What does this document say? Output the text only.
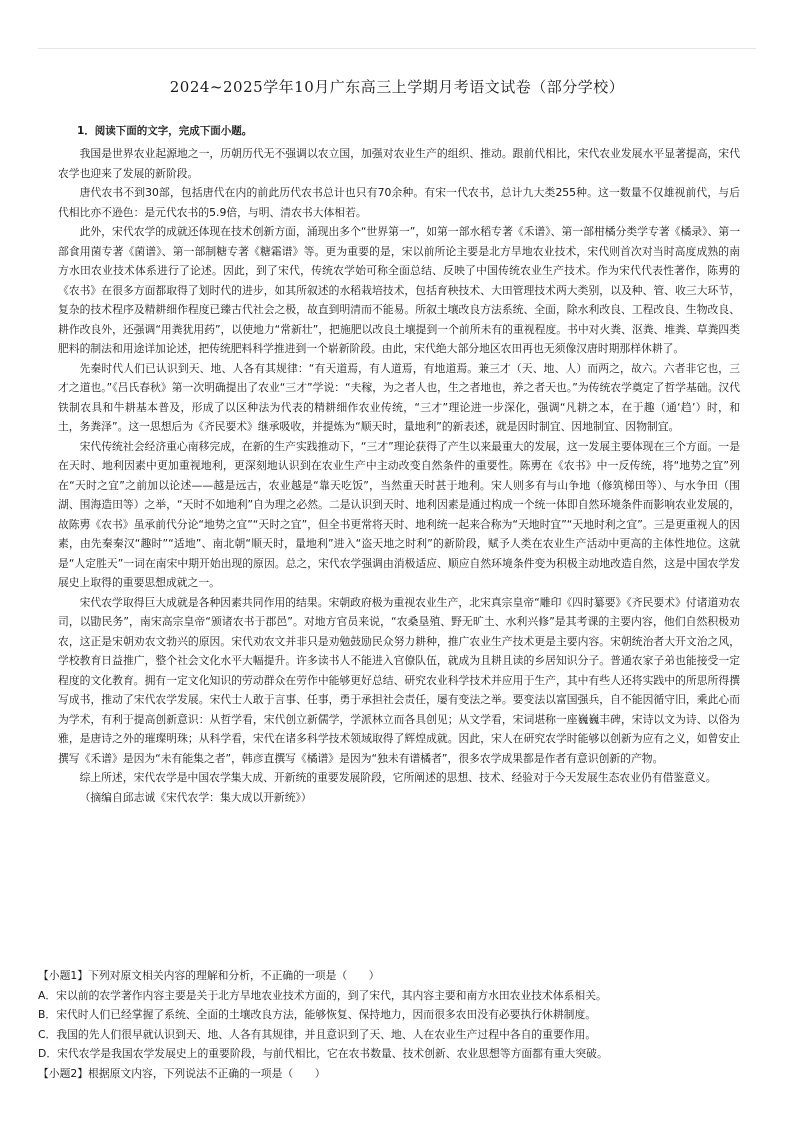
2024~2025学年10月广东高三上学期月考语文试卷（部分学校）
1．阅读下面的文字，完成下面小题。

我国是世界农业起源地之一，历朝历代无不强调以农立国，加强对农业生产的组织、推动。跟前代相比，宋代农业发展水平显著提高，宋代农学也迎来了发展的新阶段。

唐代农书不到30部，包括唐代在内的前此历代农书总计也只有70余种。有宋一代农书，总计九大类255种。这一数量不仅雄视前代，与后代相比亦不逊色：是元代农书的5.9倍，与明、清农书大体相若。

此外，宋代农学的成就还体现在技术创新方面，涌现出多个“世界第一”，如第一部水稻专著《禾谱》、第一部柑橘分类学专著《橘录》、第一部食用菌专著《菌谱》、第一部制糖专著《糖霜谱》等。更为重要的是，宋以前所论主要是北方旱地农业技术，宋代则首次对当时高度成熟的南方水田农业技术体系进行了论述。因此，到了宋代，传统农学始可称全面总结、反映了中国传统农业生产技术。作为宋代代表性著作，陈旉的《农书》在很多方面都取得了划时代的进步，如其所叙述的水稻栽培技术，包括育秧技术、大田管理技术两大类别，以及种、管、收三大环节，复杂的技术程序及精耕细作程度已臻古代社会之极，故直到明清而不能易。所叙土壤改良方法系统、全面，除水利改良、工程改良、生物改良、耕作改良外，还强调“用粪犹用药”，以使地力“常新壮”，把施肥以改良土壤提到一个前所未有的重视程度。书中对火粪、沤粪、堆粪、草粪四类肥料的制法和用途详加论述，把传统肥料科学推进到一个崭新阶段。由此，宋代绝大部分地区农田再也无须像汉唐时期那样休耕了。

先秦时代人们已认识到天、地、人各有其规律：“有天道焉，有人道焉，有地道焉。兼三才（天、地、人）而两之，故六。六者非它也，三才之道也。”《吕氏春秋》第一次明确提出了农业“三才”学说：“夫稼，为之者人也，生之者地也，养之者天也。”为传统农学奠定了哲学基础。汉代铁制农具和牛耕基本普及，形成了以区种法为代表的精耕细作农业传统，“三才”理论进一步深化，强调“凡耕之本，在于趣（通‘趋’）时，和土，务粪泽”。这一思想后为《齐民要术》继承吸收，并提炼为“顺天时，量地利”的新表述，就是因时制宜、因地制宜、因物制宜。

宋代传统社会经济重心南移完成，在新的生产实践推动下，“三才”理论获得了产生以来最重大的发展，这一发展主要体现在三个方面。一是在天时、地利因素中更加重视地利，更深刻地认识到在农业生产中主动改变自然条件的重要性。陈旉在《农书》中一反传统，将“地势之宜”列在“天时之宜”之前加以论述——越是远古，农业越是“靠天吃饭”，当然重天时甚于地利。宋人则多有与山争地（修筑梯田等）、与水争田（围湖、围海造田等）之举，“天时不如地利”自为理之必然。二是认识到天时、地利因素是通过构成一个统一体即自然环境条件而影响农业发展的，故陈旉《农书》虽承前代分论“地势之宜”“天时之宜”，但全书更常将天时、地利统一起来合称为“天地时宜”“天地时利之宜”。三是更重视人的因素，由先秦秦汉“趣时”“适地”、南北朝“顺天时，量地利”进入“盗天地之时利”的新阶段，赋予人类在农业生产活动中更高的主体性地位。这就是“人定胜天”一词在南宋中期开始出现的原因。总之，宋代农学强调由消极适应、顺应自然环境条件变为积极主动地改造自然，这是中国农学发展史上取得的重要思想成就之一。

宋代农学取得巨大成就是各种因素共同作用的结果。宋朝政府极为重视农业生产，北宋真宗皇帝“雕印《四时纂要》《齐民要术》付诸道劝农司，以勖民务”，南宋高宗皇帝“颁诸农书于郡邑”。对地方官员来说，“农桑垦殖、野无旷土、水利兴修”是其考课的主要内容，他们自然积极劝农，这正是宋朝劝农文勃兴的原因。宋代劝农文并非只是劝勉鼓励民众努力耕种，推广农业生产技术更是主要内容。宋朝统治者大开文治之风，学校教育日益推广，整个社会文化水平大幅提升。许多读书人不能进入官僚队伍，就成为且耕且读的乡居知识分子。普通农家子弟也能接受一定程度的文化教育。拥有一定文化知识的劳动群众在劳作中能够更好总结、研究农业科学技术并应用于生产，其中有些人还将实践中的所思所得撰写成书，推动了宋代农学发展。宋代士人敢于言事、任事，勇于承担社会责任，屡有变法之举。要变法以富国强兵，自不能因循守旧，乘此心而为学术，有利于提高创新意识：从哲学看，宋代创立新儒学，学派林立而各具创见；从文学看，宋词堪称一座巍巍丰碑，宋诗以文为诗、以俗为雅，是唐诗之外的璀璨明珠；从科学看，宋代在诸多科学技术领域取得了辉煌成就。因此，宋人在研究农学时能够以创新为应有之义，如曾安止撰写《禾谱》是因为“未有能集之者”，韩彦直撰写《橘谱》是因为“独未有谱橘者”，很多农学成果都是作者有意识创新的产物。

综上所述，宋代农学是中国农学集大成、开新统的重要发展阶段，它所阐述的思想、技术、经验对于今天发展生态农业仍有借鉴意义。

（摘编自邱志诚《宋代农学：集大成以开新统》）

【小题1】下列对原文相关内容的理解和分析，不正确的一项是（　　）
A．宋以前的农学著作内容主要是关于北方旱地农业技术方面的，到了宋代，其内容主要和南方水田农业技术体系相关。
B．宋代时人们已经掌握了系统、全面的土壤改良方法，能够恢复、保持地力，因而很多农田没有必要执行休耕制度。
C．我国的先人们很早就认识到天、地、人各有其规律，并且意识到了天、地、人在农业生产过程中各自的重要作用。
D．宋代农学是我国农学发展史上的重要阶段，与前代相比，它在农书数量、技术创新、农业思想等方面都有重大突破。
【小题2】根据原文内容，下列说法不正确的一项是（　　）
